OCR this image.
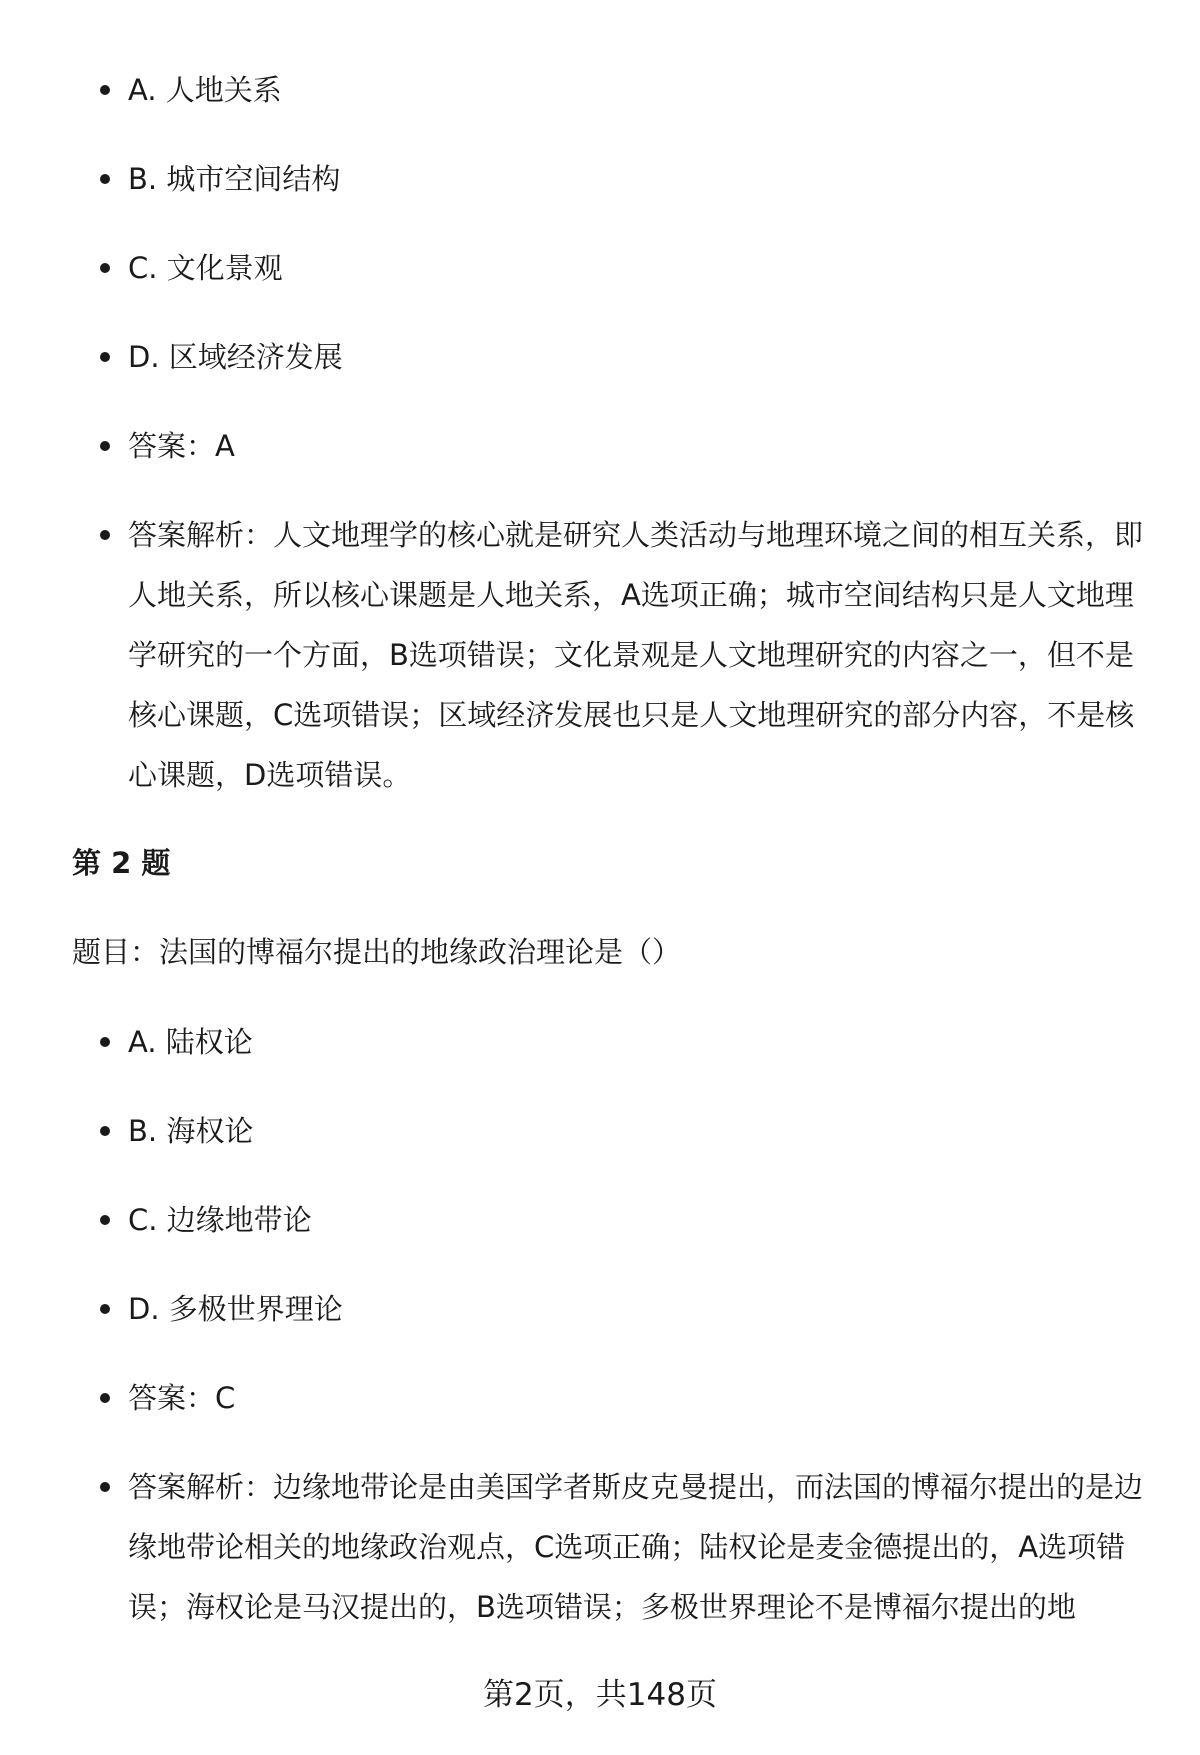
A. 人地关系
B. 城市空间结构
C. 文化景观
D. 区域经济发展
答案：A
答案解析：人文地理学的核心就是研究人类活动与地理环境之间的相互关系，即人地关系，所以核心课题是人地关系，A选项正确；城市空间结构只是人文地理学研究的一个方面，B选项错误；文化景观是人文地理研究的内容之一，但不是核心课题，C选项错误；区域经济发展也只是人文地理研究的部分内容，不是核心课题，D选项错误。
第 2 题
题目：法国的博福尔提出的地缘政治理论是（）
A. 陆权论
B. 海权论
C. 边缘地带论
D. 多极世界理论
答案：C
答案解析：边缘地带论是由美国学者斯皮克曼提出，而法国的博福尔提出的是边缘地带论相关的地缘政治观点，C选项正确；陆权论是麦金德提出的，A选项错误；海权论是马汉提出的，B选项错误；多极世界理论不是博福尔提出的地
第2页，共148页
